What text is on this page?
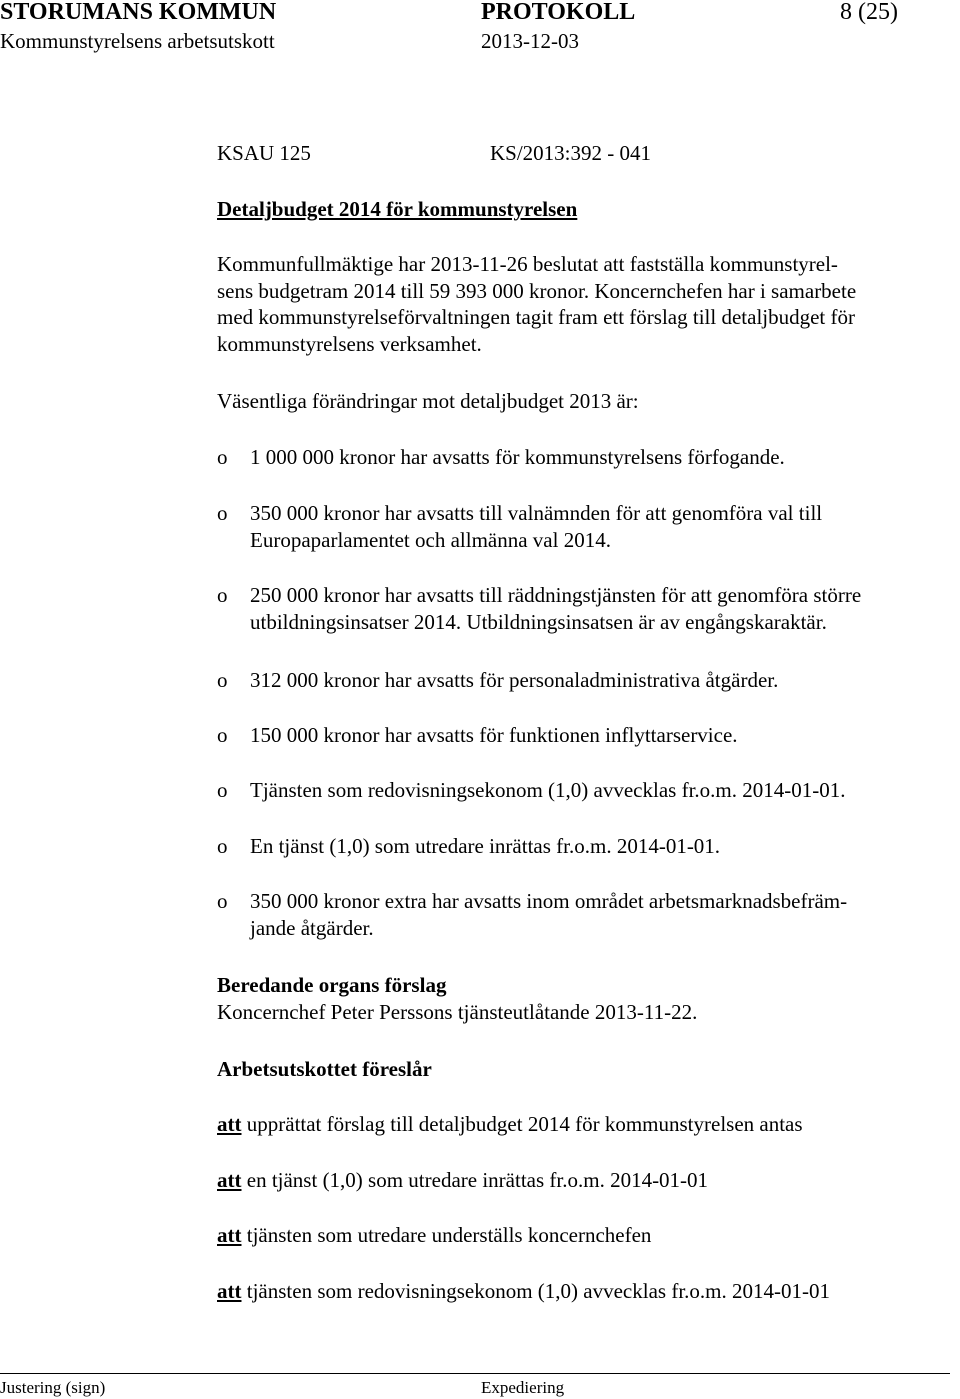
STORUMANS KOMMUN	PROTOKOLL	8 (25)
Kommunstyrelsens arbetsutskott	2013-12-03
KSAU 125	KS/2013:392 - 041
Detaljbudget 2014 för kommunstyrelsen
Kommunfullmäktige har 2013-11-26 beslutat att fastställa kommunstyrel-
sens budgetram 2014 till 59 393 000 kronor. Koncernchefen har i samarbete
med kommunstyrelseförvaltningen tagit fram ett förslag till detaljbudget för
kommunstyrelsens verksamhet.
Väsentliga förändringar mot detaljbudget 2013 är:
o 1 000 000 kronor har avsatts för kommunstyrelsens förfogande.
o 350 000 kronor har avsatts till valnämnden för att genomföra val till
Europaparlamentet och allmänna val 2014.
o 250 000 kronor har avsatts till räddningstjänsten för att genomföra större
utbildningsinsatser 2014. Utbildningsinsatsen är av engångskaraktär.
o 312 000 kronor har avsatts för personaladministrativa åtgärder.
o 150 000 kronor har avsatts för funktionen inflyttarservice.
o Tjänsten som redovisningsekonom (1,0) avvecklas fr.o.m. 2014-01-01.
o En tjänst (1,0) som utredare inrättas fr.o.m. 2014-01-01.
o 350 000 kronor extra har avsatts inom området arbetsmarknadsbefräm-
jande åtgärder.
Beredande organs förslag
Koncernchef Peter Perssons tjänsteutlåtande 2013-11-22.
Arbetsutskottet föreslår
att upprättat förslag till detaljbudget 2014 för kommunstyrelsen antas
att en tjänst (1,0) som utredare inrättas fr.o.m. 2014-01-01
att tjänsten som utredare underställs koncernchefen
att tjänsten som redovisningsekonom (1,0) avvecklas fr.o.m. 2014-01-01
Justering (sign)	Expediering
